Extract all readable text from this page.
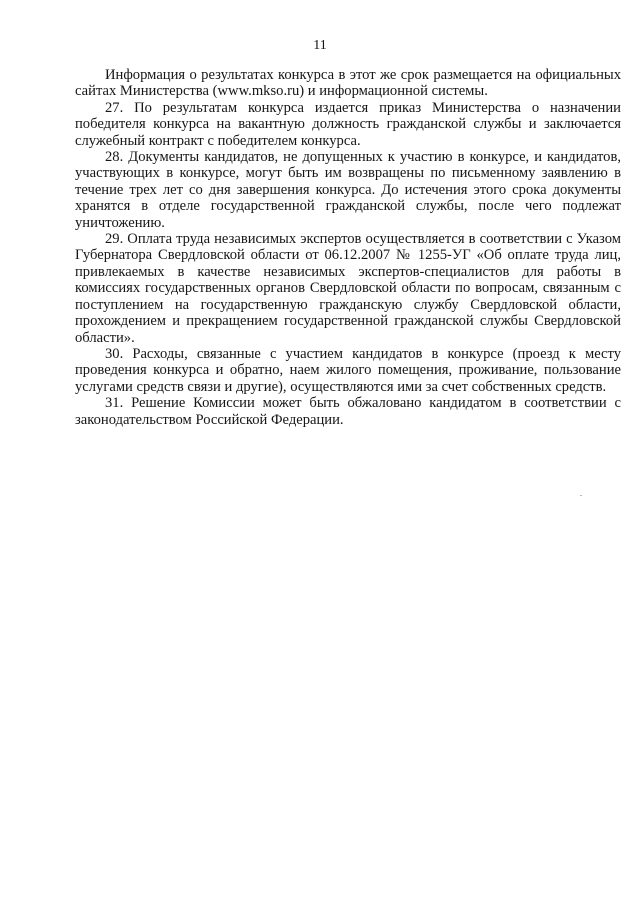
11

Информация о результатах конкурса в этот же срок размещается на официальных сайтах Министерства (www.mkso.ru) и информационной системы.

27. По результатам конкурса издается приказ Министерства о назначении победителя конкурса на вакантную должность гражданской службы и заключается служебный контракт с победителем конкурса.

28. Документы кандидатов, не допущенных к участию в конкурсе, и кандидатов, участвующих в конкурсе, могут быть им возвращены по письменному заявлению в течение трех лет со дня завершения конкурса. До истечения этого срока документы хранятся в отделе государственной гражданской службы, после чего подлежат уничтожению.

29. Оплата труда независимых экспертов осуществляется в соответствии с Указом Губернатора Свердловской области от 06.12.2007 № 1255-УГ «Об оплате труда лиц, привлекаемых в качестве независимых экспертов-специалистов для работы в комиссиях государственных органов Свердловской области по вопросам, связанным с поступлением на государственную гражданскую службу Свердловской области, прохождением и прекращением государственной гражданской службы Свердловской области».

30. Расходы, связанные с участием кандидатов в конкурсе (проезд к месту проведения конкурса и обратно, наем жилого помещения, проживание, пользование услугами средств связи и другие), осуществляются ими за счет собственных средств.

31. Решение Комиссии может быть обжаловано кандидатом в соответствии с законодательством Российской Федерации.
